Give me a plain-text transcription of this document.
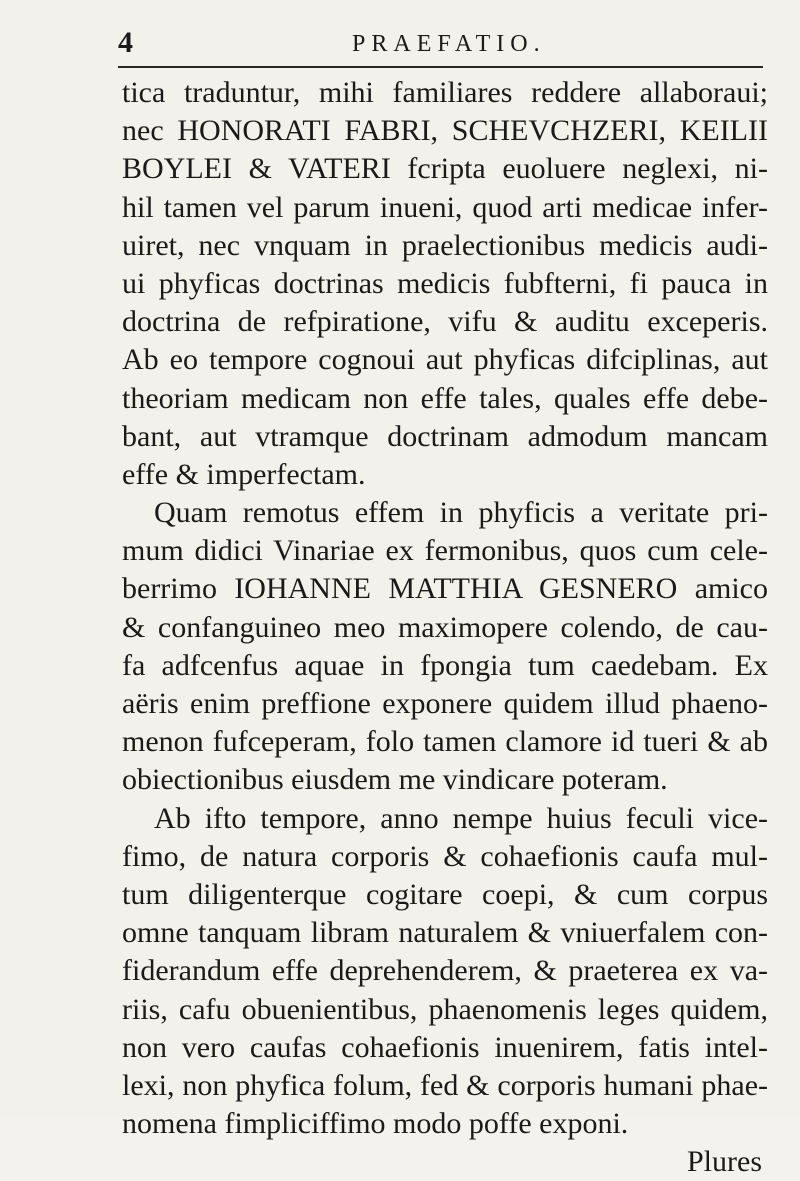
4	PRAEFATIO.
tica traduntur, mihi familiares reddere allaboraui;
nec HONORATI FABRI, SCHEVCHZERI, KEILII
BOYLEI & VATERI fcripta euoluere neglexi, ni-
hil tamen vel parum inueni, quod arti medicae infer-
uiret, nec vnquam in praelectionibus medicis audi-
ui phyficas doctrinas medicis fubfterni, fi pauca in
doctrina de refpiratione, vifu & auditu exceperis.
Ab eo tempore cognoui aut phyficas difciplinas, aut
theoriam medicam non effe tales, quales effe debe-
bant, aut vtramque doctrinam admodum mancam
effe & imperfectam.
Quam remotus effem in phyficis a veritate pri-
mum didici Vinariae ex fermonibus, quos cum cele-
berrimo IOHANNE MATTHIA GESNERO amico
& confanguineo meo maximopere colendo, de cau-
fa adfcenfus aquae in fpongia tum caedebam. Ex
aëris enim preffione exponere quidem illud phaeno-
menon fufceperam, folo tamen clamore id tueri & ab
obiectionibus eiusdem me vindicare poteram.
Ab ifto tempore, anno nempe huius feculi vice-
fimo, de natura corporis & cohaefionis caufa mul-
tum diligenterque cogitare coepi, & cum corpus
omne tanquam libram naturalem & vniuerfalem con-
fiderandum effe deprehenderem, & praeterea ex va-
riis, cafu obuenientibus, phaenomenis leges quidem,
non vero caufas cohaefionis inuenirem, fatis intel-
lexi, non phyfica folum, fed & corporis humani phae-
nomena fimpliciffimo modo poffe exponi.
Plures
